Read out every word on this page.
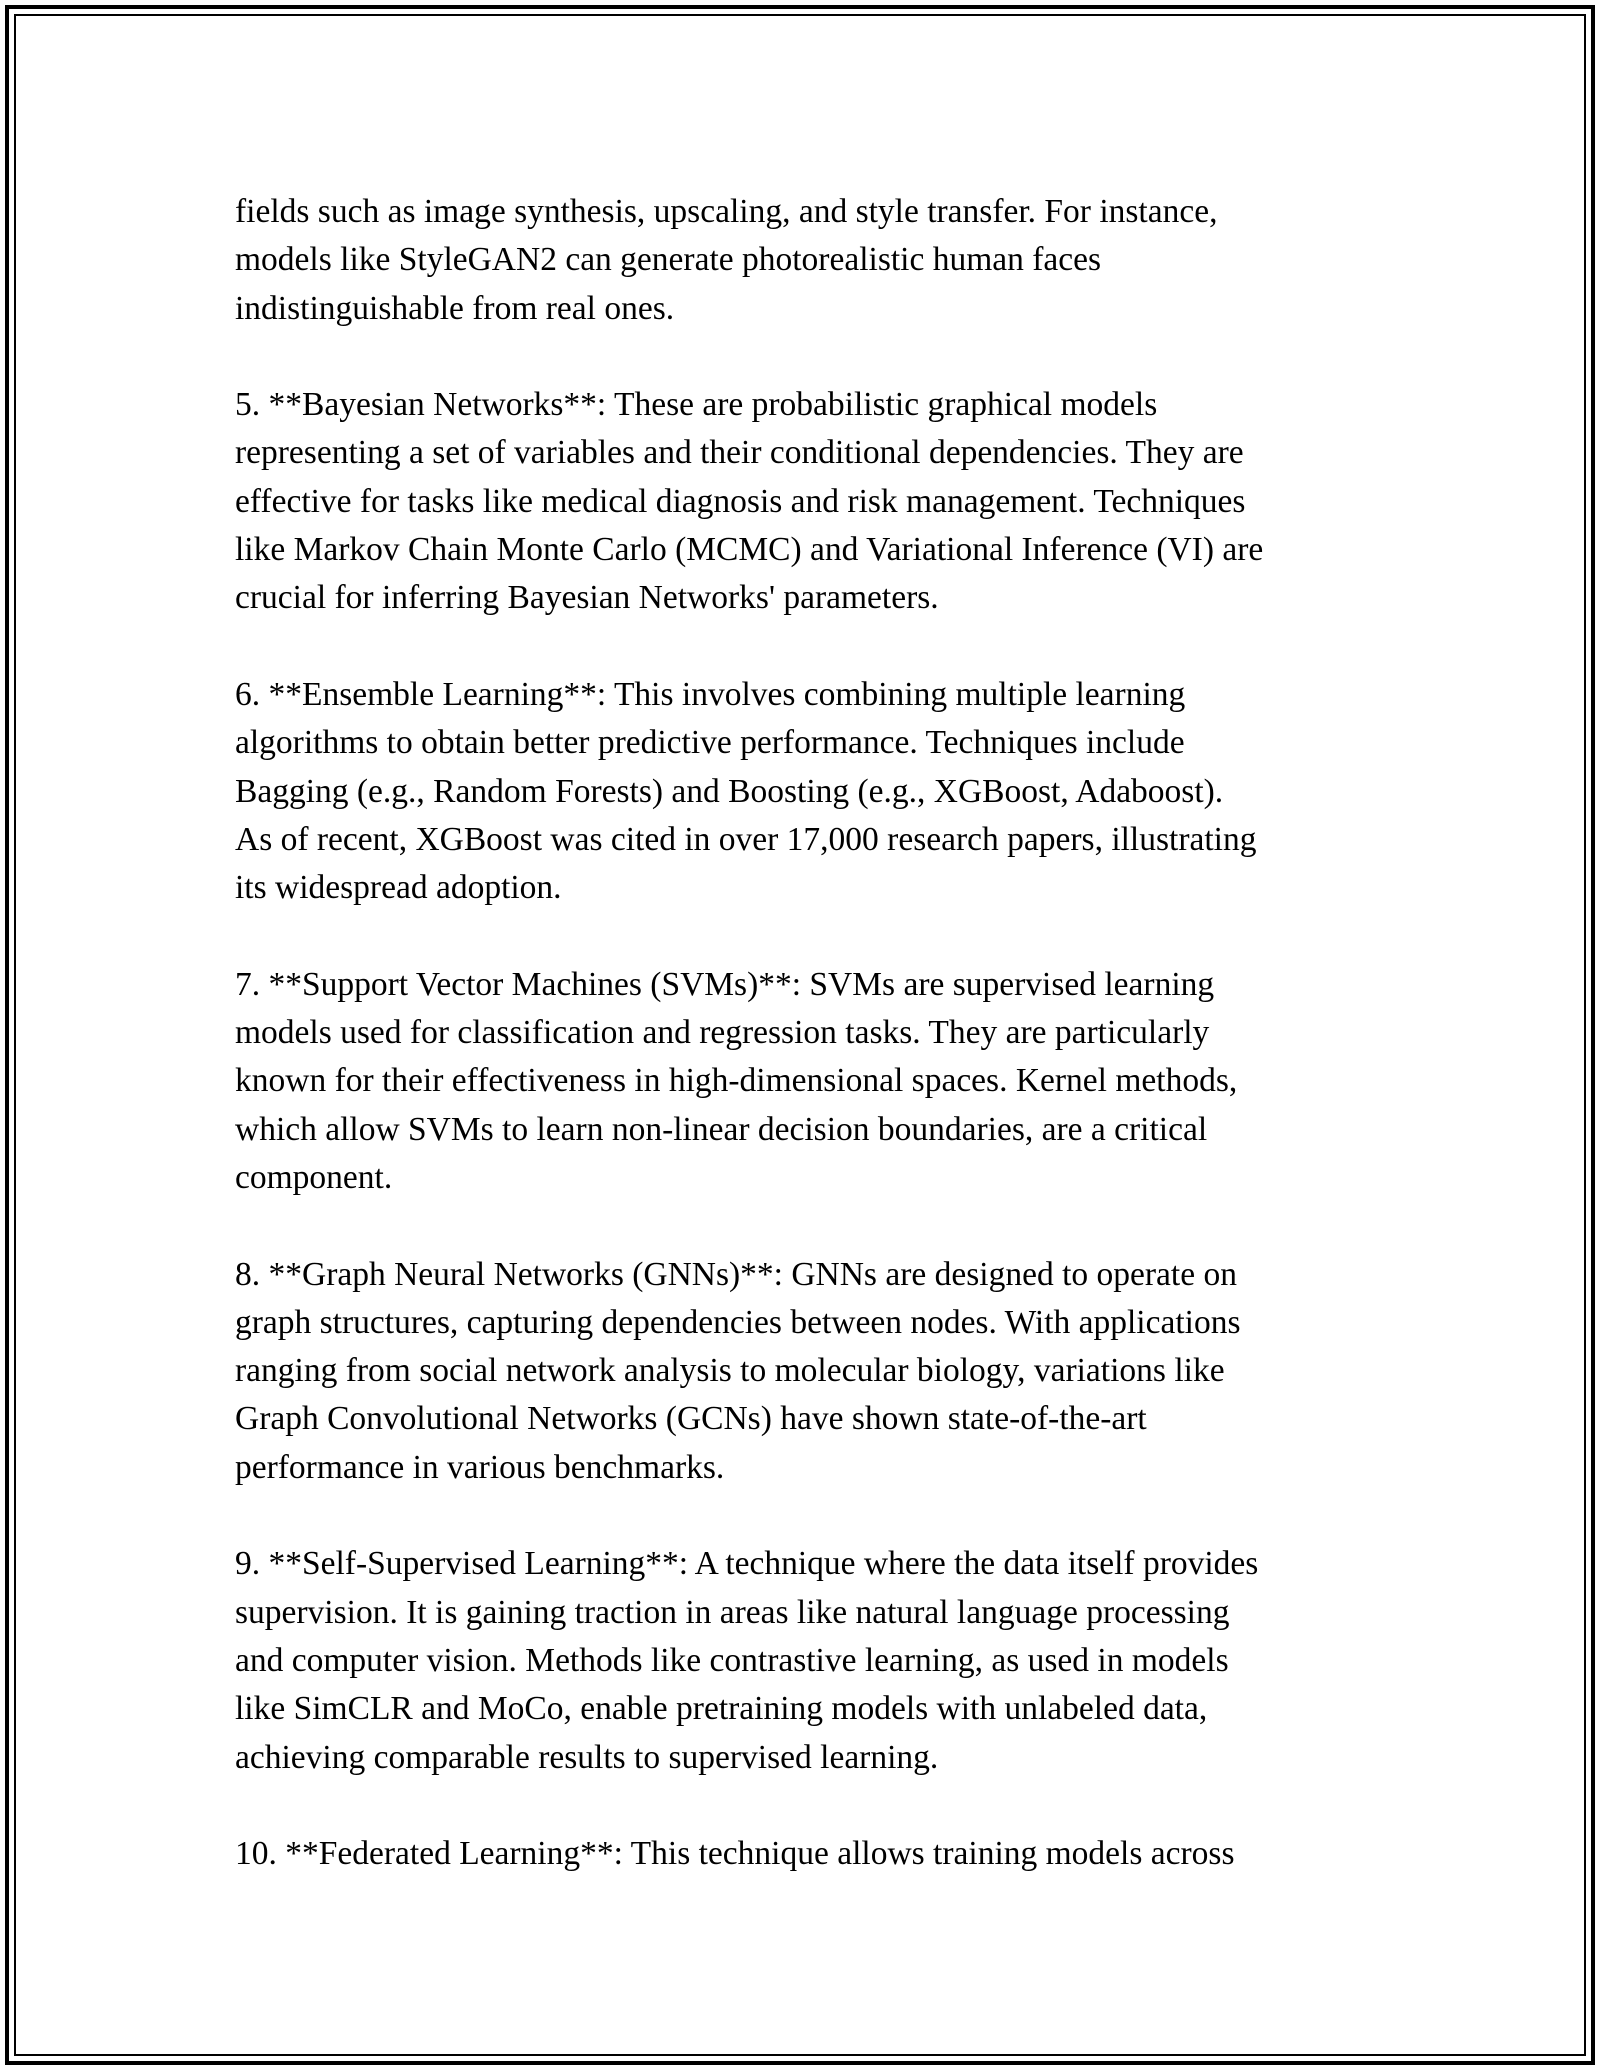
fields such as image synthesis, upscaling, and style transfer. For instance,
models like StyleGAN2 can generate photorealistic human faces
indistinguishable from real ones.

5. **Bayesian Networks**: These are probabilistic graphical models
representing a set of variables and their conditional dependencies. They are
effective for tasks like medical diagnosis and risk management. Techniques
like Markov Chain Monte Carlo (MCMC) and Variational Inference (VI) are
crucial for inferring Bayesian Networks' parameters.

6. **Ensemble Learning**: This involves combining multiple learning
algorithms to obtain better predictive performance. Techniques include
Bagging (e.g., Random Forests) and Boosting (e.g., XGBoost, Adaboost).
As of recent, XGBoost was cited in over 17,000 research papers, illustrating
its widespread adoption.

7. **Support Vector Machines (SVMs)**: SVMs are supervised learning
models used for classification and regression tasks. They are particularly
known for their effectiveness in high-dimensional spaces. Kernel methods,
which allow SVMs to learn non-linear decision boundaries, are a critical
component.

8. **Graph Neural Networks (GNNs)**: GNNs are designed to operate on
graph structures, capturing dependencies between nodes. With applications
ranging from social network analysis to molecular biology, variations like
Graph Convolutional Networks (GCNs) have shown state-of-the-art
performance in various benchmarks.

9. **Self-Supervised Learning**: A technique where the data itself provides
supervision. It is gaining traction in areas like natural language processing
and computer vision. Methods like contrastive learning, as used in models
like SimCLR and MoCo, enable pretraining models with unlabeled data,
achieving comparable results to supervised learning.

10. **Federated Learning**: This technique allows training models across
